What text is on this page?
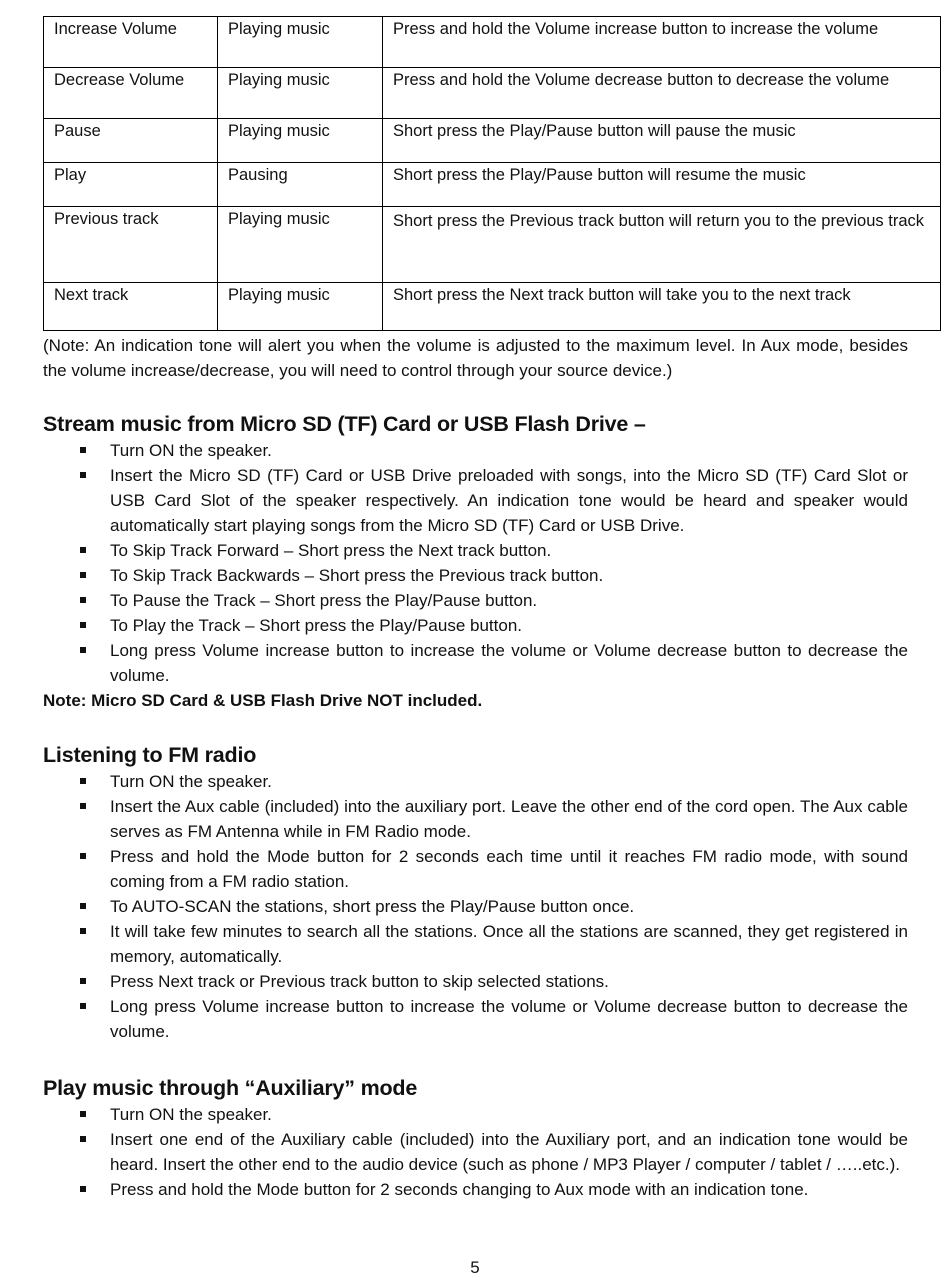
Increase Volume	Playing music	Press and hold the Volume increase button to increase the volume
Decrease Volume	Playing music	Press and hold the Volume decrease button to decrease the volume
Pause	Playing music	Short press the Play/Pause button will pause the music
Play	Pausing	Short press the Play/Pause button will resume the music
Previous track	Playing music	Short press the Previous track button will return you to the previous track
Next track	Playing music	Short press the Next track button will take you to the next track

(Note: An indication tone will alert you when the volume is adjusted to the maximum level. In Aux mode, besides the volume increase/decrease, you will need to control through your source device.)

Stream music from Micro SD (TF) Card or USB Flash Drive –
Turn ON the speaker.
Insert the Micro SD (TF) Card or USB Drive preloaded with songs, into the Micro SD (TF) Card Slot or USB Card Slot of the speaker respectively. An indication tone would be heard and speaker would automatically start playing songs from the Micro SD (TF) Card or USB Drive.
To Skip Track Forward – Short press the Next track button.
To Skip Track Backwards – Short press the Previous track button.
To Pause the Track – Short press the Play/Pause button.
To Play the Track – Short press the Play/Pause button.
Long press Volume increase button to increase the volume or Volume decrease button to decrease the volume.

Note: Micro SD Card & USB Flash Drive NOT included.

Listening to FM radio
Turn ON the speaker.
Insert the Aux cable (included) into the auxiliary port. Leave the other end of the cord open. The Aux cable serves as FM Antenna while in FM Radio mode.
Press and hold the Mode button for 2 seconds each time until it reaches FM radio mode, with sound coming from a FM radio station.
To AUTO-SCAN the stations, short press the Play/Pause button once.
It will take few minutes to search all the stations. Once all the stations are scanned, they get registered in memory, automatically.
Press Next track or Previous track button to skip selected stations.
Long press Volume increase button to increase the volume or Volume decrease button to decrease the volume.
Play music through “Auxiliary” mode
Turn ON the speaker.
Insert one end of the Auxiliary cable (included) into the Auxiliary port, and an indication tone would be heard. Insert the other end to the audio device (such as phone / MP3 Player / computer / tablet / …..etc.).
Press and hold the Mode button for 2 seconds changing to Aux mode with an indication tone.
5
